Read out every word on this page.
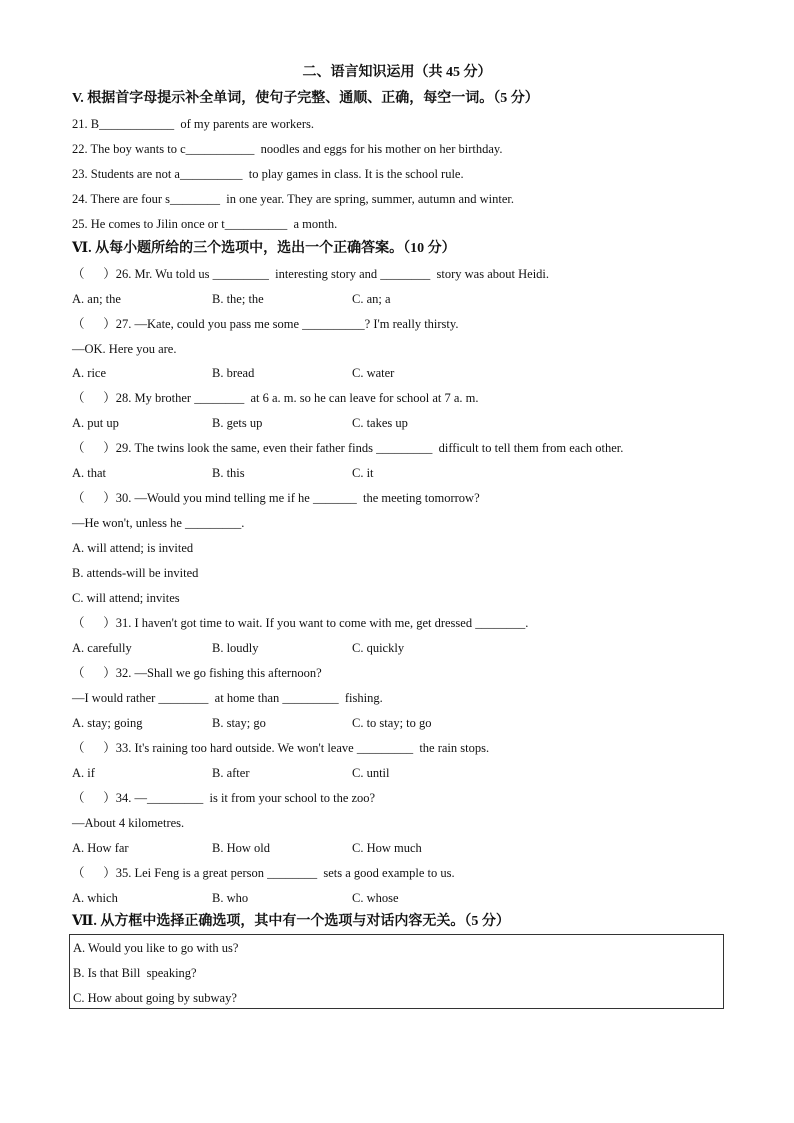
二、语言知识运用（共 45 分）
V. 根据首字母提示补全单词，使句子完整、通顺、正确，每空一词。（5 分）
21. B____________  of my parents are workers.
22. The boy wants to c___________  noodles and eggs for his mother on her birthday.
23. Students are not a__________  to play games in class. It is the school rule.
24. There are four s________  in one year. They are spring, summer, autumn and winter.
25. He comes to Jilin once or t__________  a month.
Ⅵ. 从每小题所给的三个选项中，选出一个正确答案。（10 分）
（      ）26. Mr. Wu told us _________  interesting story and ________  story was about Heidi.
A. an; the	B. the; the	C. an; a
（      ）27. —Kate, could you pass me some __________? I'm really thirsty.
—OK. Here you are.
A. rice	B. bread	C. water
（      ）28. My brother ________  at 6 a. m. so he can leave for school at 7 a. m.
A. put up	B. gets up	C. takes up
（      ）29. The twins look the same, even their father finds _________  difficult to tell them from each other.
A. that	B. this	C. it
（      ）30. —Would you mind telling me if he _______  the meeting tomorrow?
—He won't, unless he _________.
A. will attend; is invited
B. attends-will be invited
C. will attend; invites
（      ）31. I haven't got time to wait. If you want to come with me, get dressed ________.
A. carefully	B. loudly	C. quickly
（      ）32. —Shall we go fishing this afternoon?
—I would rather ________  at home than _________  fishing.
A. stay; going	B. stay; go	C. to stay; to go
（      ）33. It's raining too hard outside. We won't leave _________  the rain stops.
A. if	B. after	C. until
（      ）34. —_________  is it from your school to the zoo?
—About 4 kilometres.
A. How far	B. How old	C. How much
（      ）35. Lei Feng is a great person ________  sets a good example to us.
A. which	B. who	C. whose
Ⅶ. 从方框中选择正确选项，其中有一个选项与对话内容无关。（5 分）
A. Would you like to go with us?
B. Is that Bill  speaking?
C. How about going by subway?
